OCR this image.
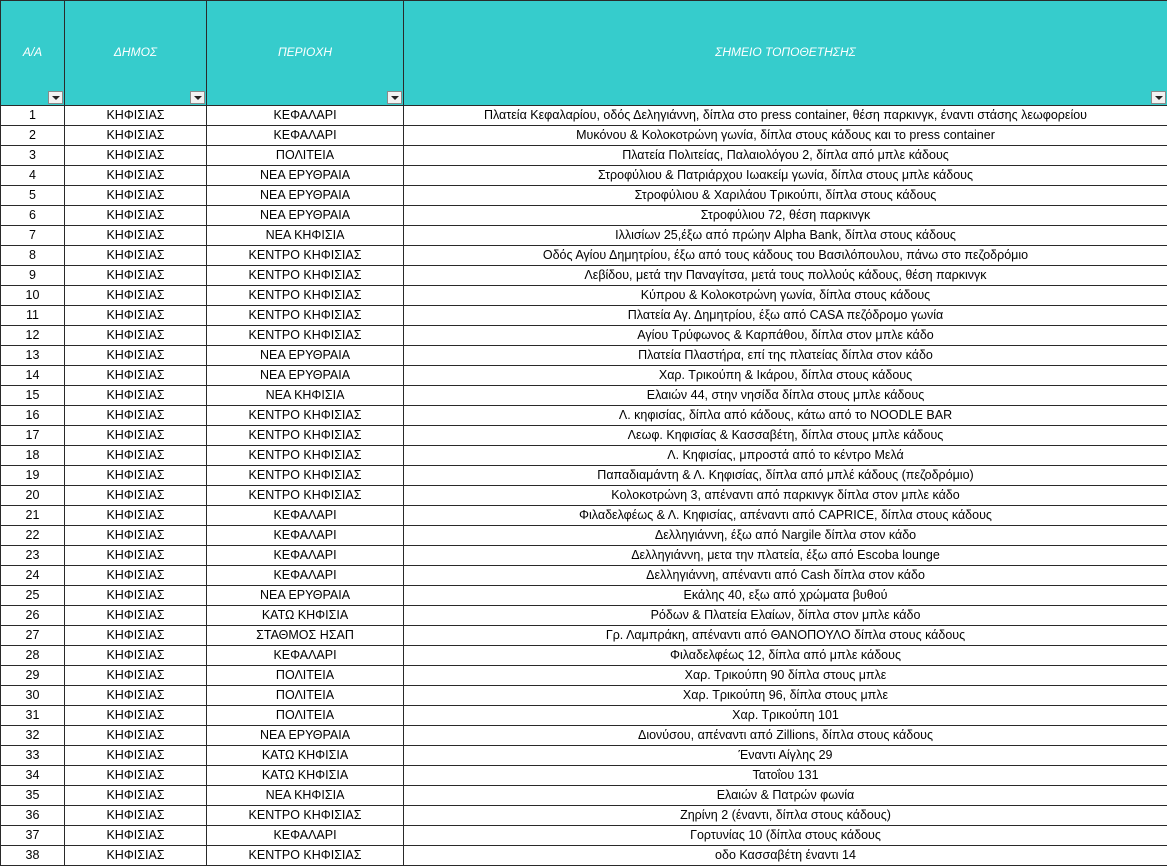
Α/Α	ΔΗΜΟΣ	ΠΕΡΙΟΧΗ	ΣΗΜΕΙΟ ΤΟΠΟΘΕΤΗΣΗΣ

1	ΚΗΦΙΣΙΑΣ	ΚΕΦΑΛΑΡΙ	Πλατεία Κεφαλαρίου, οδός Δεληγιάννη, δίπλα στο press container, θέση παρκινγκ, έναντι στάσης λεωφορείου
2	ΚΗΦΙΣΙΑΣ	ΚΕΦΑΛΑΡΙ	Μυκόνου & Κολοκοτρώνη γωνία, δίπλα στους κάδους και το press container
3	ΚΗΦΙΣΙΑΣ	ΠΟΛΙΤΕΙΑ	Πλατεία Πολιτείας, Παλαιολόγου 2, δίπλα από μπλε κάδους
4	ΚΗΦΙΣΙΑΣ	ΝΕΑ ΕΡΥΘΡΑΙΑ	Στροφύλιου & Πατριάρχου Ιωακείμ γωνία, δίπλα στους μπλε κάδους
5	ΚΗΦΙΣΙΑΣ	ΝΕΑ ΕΡΥΘΡΑΙΑ	Στροφύλιου & Χαριλάου Τρικούπι, δίπλα στους κάδους
6	ΚΗΦΙΣΙΑΣ	ΝΕΑ ΕΡΥΘΡΑΙΑ	Στροφύλιου 72, θέση παρκινγκ
7	ΚΗΦΙΣΙΑΣ	ΝΕΑ ΚΗΦΙΣΙΑ	Ιλλισίων 25,έξω από πρώην Alpha Bank, δίπλα στους κάδους
8	ΚΗΦΙΣΙΑΣ	ΚΕΝΤΡΟ ΚΗΦΙΣΙΑΣ	Οδός Αγίου Δημητρίου, έξω από τους κάδους του Βασιλόπουλου, πάνω στο πεζοδρόμιο
9	ΚΗΦΙΣΙΑΣ	ΚΕΝΤΡΟ ΚΗΦΙΣΙΑΣ	Λεβίδου, μετά την Παναγίτσα, μετά τους πολλούς κάδους, θέση παρκινγκ
10	ΚΗΦΙΣΙΑΣ	ΚΕΝΤΡΟ ΚΗΦΙΣΙΑΣ	Κύπρου & Κολοκοτρώνη γωνία, δίπλα στους κάδους
11	ΚΗΦΙΣΙΑΣ	ΚΕΝΤΡΟ ΚΗΦΙΣΙΑΣ	Πλατεία Αγ. Δημητρίου, έξω από CASA πεζόδρομο γωνία
12	ΚΗΦΙΣΙΑΣ	ΚΕΝΤΡΟ ΚΗΦΙΣΙΑΣ	Αγίου Τρύφωνος & Καρπάθου, δίπλα στον μπλε κάδο
13	ΚΗΦΙΣΙΑΣ	ΝΕΑ ΕΡΥΘΡΑΙΑ	Πλατεία Πλαστήρα, επί της πλατείας δίπλα στον κάδο
14	ΚΗΦΙΣΙΑΣ	ΝΕΑ ΕΡΥΘΡΑΙΑ	Χαρ. Τρικούπη & Ικάρου, δίπλα στους κάδους
15	ΚΗΦΙΣΙΑΣ	ΝΕΑ ΚΗΦΙΣΙΑ	Ελαιών 44, στην νησίδα δίπλα στους μπλε κάδους
16	ΚΗΦΙΣΙΑΣ	ΚΕΝΤΡΟ ΚΗΦΙΣΙΑΣ	Λ. κηφισίας, δίπλα από κάδους, κάτω από το NOODLE BAR
17	ΚΗΦΙΣΙΑΣ	ΚΕΝΤΡΟ ΚΗΦΙΣΙΑΣ	Λεωφ. Κηφισίας & Κασσαβέτη, δίπλα στους μπλε κάδους
18	ΚΗΦΙΣΙΑΣ	ΚΕΝΤΡΟ ΚΗΦΙΣΙΑΣ	Λ. Κηφισίας, μπροστά από το κέντρο Μελά
19	ΚΗΦΙΣΙΑΣ	ΚΕΝΤΡΟ ΚΗΦΙΣΙΑΣ	Παπαδιαμάντη & Λ. Κηφισίας, δίπλα από μπλέ κάδους (πεζοδρόμιο)
20	ΚΗΦΙΣΙΑΣ	ΚΕΝΤΡΟ ΚΗΦΙΣΙΑΣ	Κολοκοτρώνη 3, απέναντι από παρκινγκ δίπλα στον μπλε κάδο
21	ΚΗΦΙΣΙΑΣ	ΚΕΦΑΛΑΡΙ	Φιλαδελφέως & Λ. Κηφισίας, απέναντι από CAPRICE, δίπλα στους κάδους
22	ΚΗΦΙΣΙΑΣ	ΚΕΦΑΛΑΡΙ	Δελληγιάννη, έξω από Nargile δίπλα στον κάδο
23	ΚΗΦΙΣΙΑΣ	ΚΕΦΑΛΑΡΙ	Δελληγιάννη, μετα την πλατεία, έξω από Escoba lounge
24	ΚΗΦΙΣΙΑΣ	ΚΕΦΑΛΑΡΙ	Δελληγιάννη, απέναντι από Cash δίπλα στον κάδο
25	ΚΗΦΙΣΙΑΣ	ΝΕΑ ΕΡΥΘΡΑΙΑ	Εκάλης 40, εξω από χρώματα βυθού
26	ΚΗΦΙΣΙΑΣ	ΚΑΤΩ ΚΗΦΙΣΙΑ	Ρόδων & Πλατεία Ελαίων, δίπλα στον μπλε κάδο
27	ΚΗΦΙΣΙΑΣ	ΣΤΑΘΜΟΣ ΗΣΑΠ	Γρ. Λαμπράκη, απέναντι από ΘΑΝΟΠΟΥΛΟ δίπλα στους κάδους
28	ΚΗΦΙΣΙΑΣ	ΚΕΦΑΛΑΡΙ	Φιλαδελφέως 12, δίπλα από μπλε κάδους
29	ΚΗΦΙΣΙΑΣ	ΠΟΛΙΤΕΙΑ	Χαρ. Τρικούπη 90 δίπλα στους μπλε
30	ΚΗΦΙΣΙΑΣ	ΠΟΛΙΤΕΙΑ	Χαρ. Τρικούπη 96, δίπλα στους μπλε
31	ΚΗΦΙΣΙΑΣ	ΠΟΛΙΤΕΙΑ	Χαρ. Τρικούπη 101
32	ΚΗΦΙΣΙΑΣ	ΝΕΑ ΕΡΥΘΡΑΙΑ	Διονύσου, απέναντι από Zillions, δίπλα στους κάδους
33	ΚΗΦΙΣΙΑΣ	ΚΑΤΩ ΚΗΦΙΣΙΑ	Έναντι Αίγλης 29
34	ΚΗΦΙΣΙΑΣ	ΚΑΤΩ ΚΗΦΙΣΙΑ	Τατοΐου 131
35	ΚΗΦΙΣΙΑΣ	ΝΕΑ ΚΗΦΙΣΙΑ	Ελαιών & Πατρών φωνία
36	ΚΗΦΙΣΙΑΣ	ΚΕΝΤΡΟ ΚΗΦΙΣΙΑΣ	Ζηρίνη 2 (έναντι, δίπλα στους κάδους)
37	ΚΗΦΙΣΙΑΣ	ΚΕΦΑΛΑΡΙ	Γορτυνίας 10 (δίπλα στους κάδους
38	ΚΗΦΙΣΙΑΣ	ΚΕΝΤΡΟ ΚΗΦΙΣΙΑΣ	οδο Κασσαβέτη έναντι 14
